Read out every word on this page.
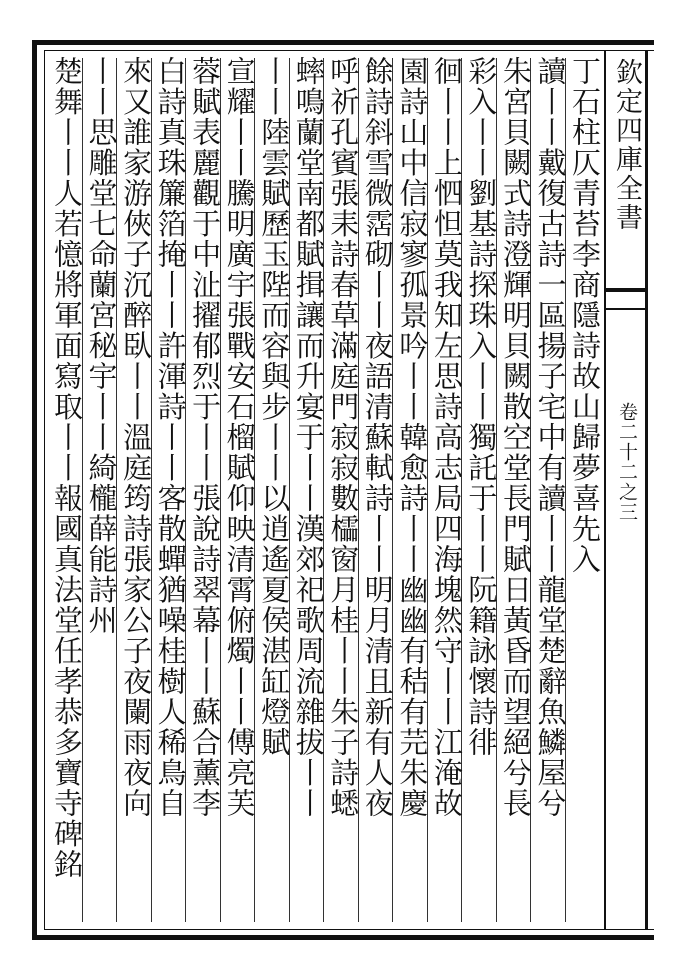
欽定四庫全書
卷二十二之三
丁石柱仄青苔李商隱詩故山歸夢喜先入
讀丨丨戴復古詩一區揚子宅中有讀丨丨龍堂楚辭魚鱗屋兮
朱宮貝闕式詩澄輝明貝闕散空堂長門賦日黃昏而望絕兮長
彩入丨丨劉基詩探珠入丨丨獨託于丨丨阮籍詠懷詩徘
徊丨丨上怬怛莫我知左思詩高志局四海塊然守丨丨江淹故
園詩山中信寂寥孤景吟丨丨韓愈詩丨丨幽幽有秸有芫朱慶
餘詩斜雪微霑砌丨丨夜語清蘇軾詩丨丨明月清且新有人夜
呼祈孔賓張耒詩春草滿庭門寂寂數櫺窗月桂丨丨朱子詩蟋
蟀鳴蘭堂南都賦揖讓而升宴于丨丨漢郊祀歌周流雜拔丨丨
丨丨陸雲賦歷玉陛而容與步丨丨以逍遙夏侯湛缸燈賦
宣耀丨丨騰明廣宇張戰安石榴賦仰映清霄俯燭丨丨傅亮芙
蓉賦表麗觀于中沚擢郁烈于丨丨張說詩翠幕丨丨蘇合薰李
白詩真珠簾箔掩丨丨許渾詩丨丨客散蟬猶噪桂樹人稀鳥自
來又誰家游俠子沉醉臥丨丨溫庭筠詩張家公子夜闌雨夜向
丨丨思雕堂七命蘭宮秘宇丨丨綺櫳薛能詩州
楚舞丨丨人若憶將軍面寫取丨丨報國真法堂任孝恭多寶寺碑銘
